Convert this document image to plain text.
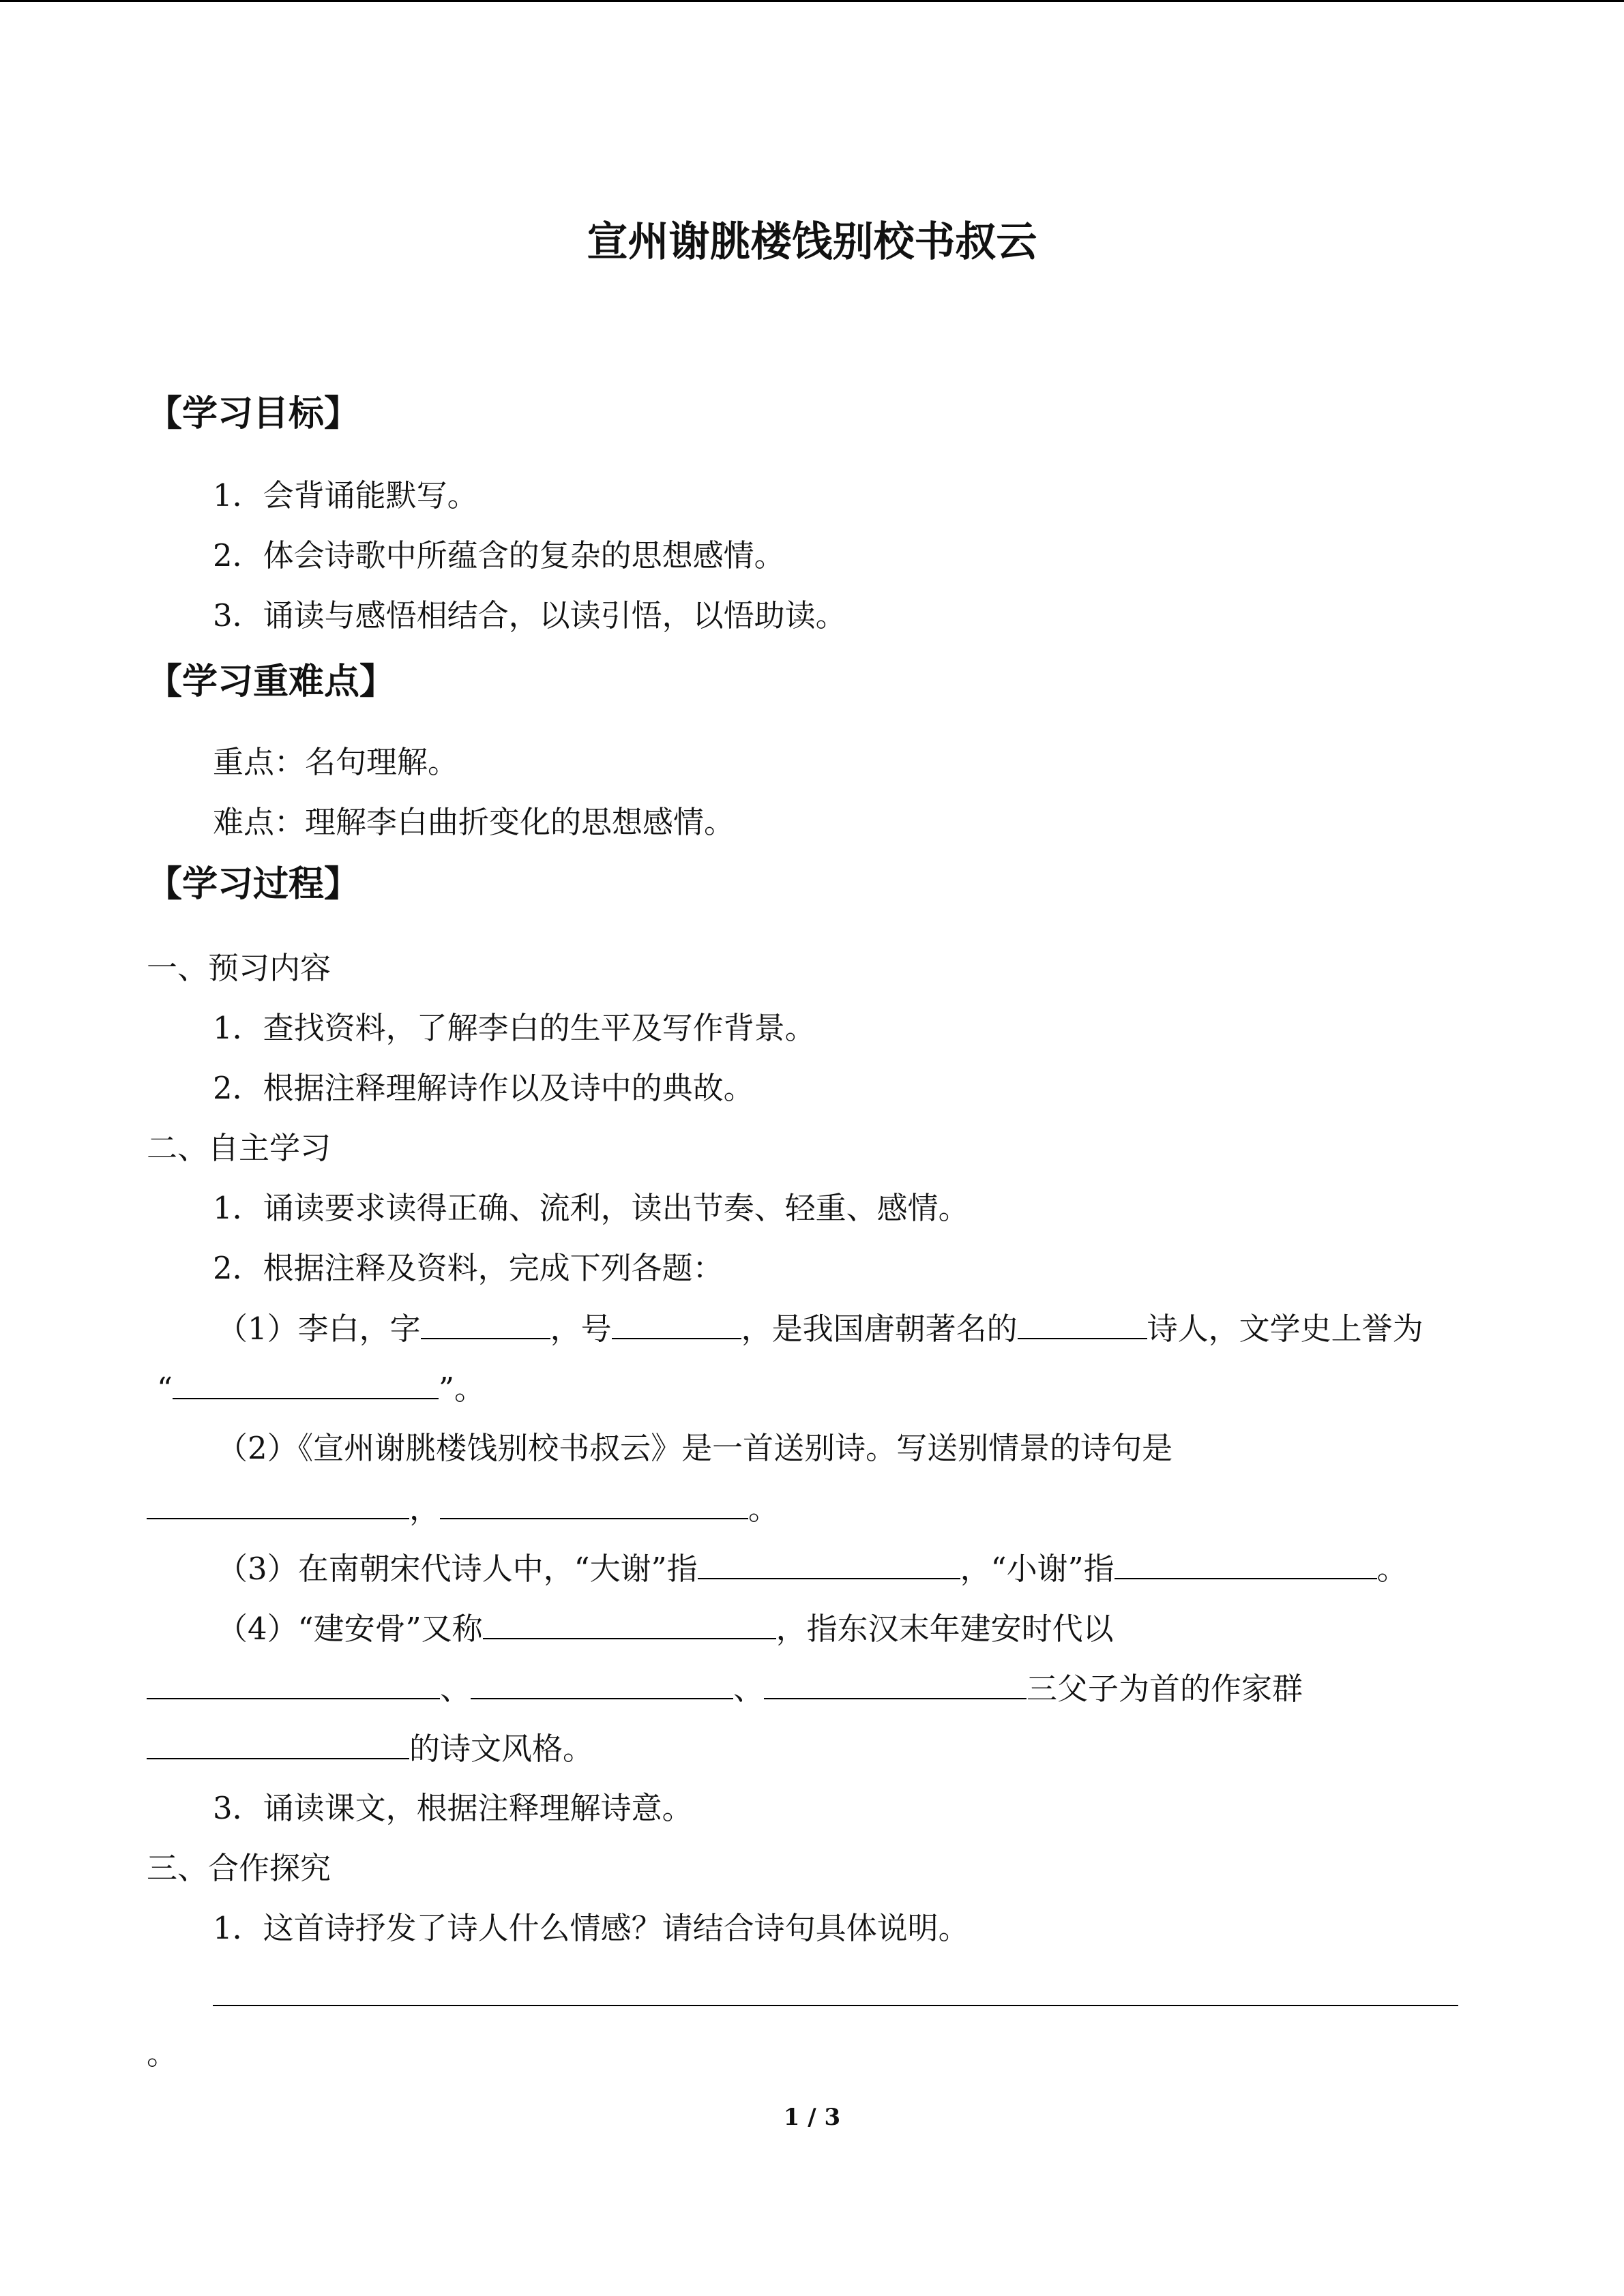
宣州谢朓楼饯别校书叔云
【学习目标】
1．会背诵能默写。
2．体会诗歌中所蕴含的复杂的思想感情。
3．诵读与感悟相结合，以读引悟，以悟助读。
【学习重难点】
重点：名句理解。
难点：理解李白曲折变化的思想感情。
【学习过程】
一、预习内容
1．查找资料，了解李白的生平及写作背景。
2．根据注释理解诗作以及诗中的典故。
二、自主学习
1．诵读要求读得正确、流利，读出节奏、轻重、感情。
2．根据注释及资料，完成下列各题：
（1）李白，字	，号	，是我国唐朝著名的	诗人，文学史上誉为
“	”。
（2）《宣州谢朓楼饯别校书叔云》是一首送别诗。写送别情景的诗句是
，	。
（3）在南朝宋代诗人中，“大谢”指	，“小谢”指	。
（4）“建安骨”又称	，指东汉末年建安时代以
、	、	三父子为首的作家群
的诗文风格。
3．诵读课文，根据注释理解诗意。
三、合作探究
1．这首诗抒发了诗人什么情感？请结合诗句具体说明。
。
1 / 3
